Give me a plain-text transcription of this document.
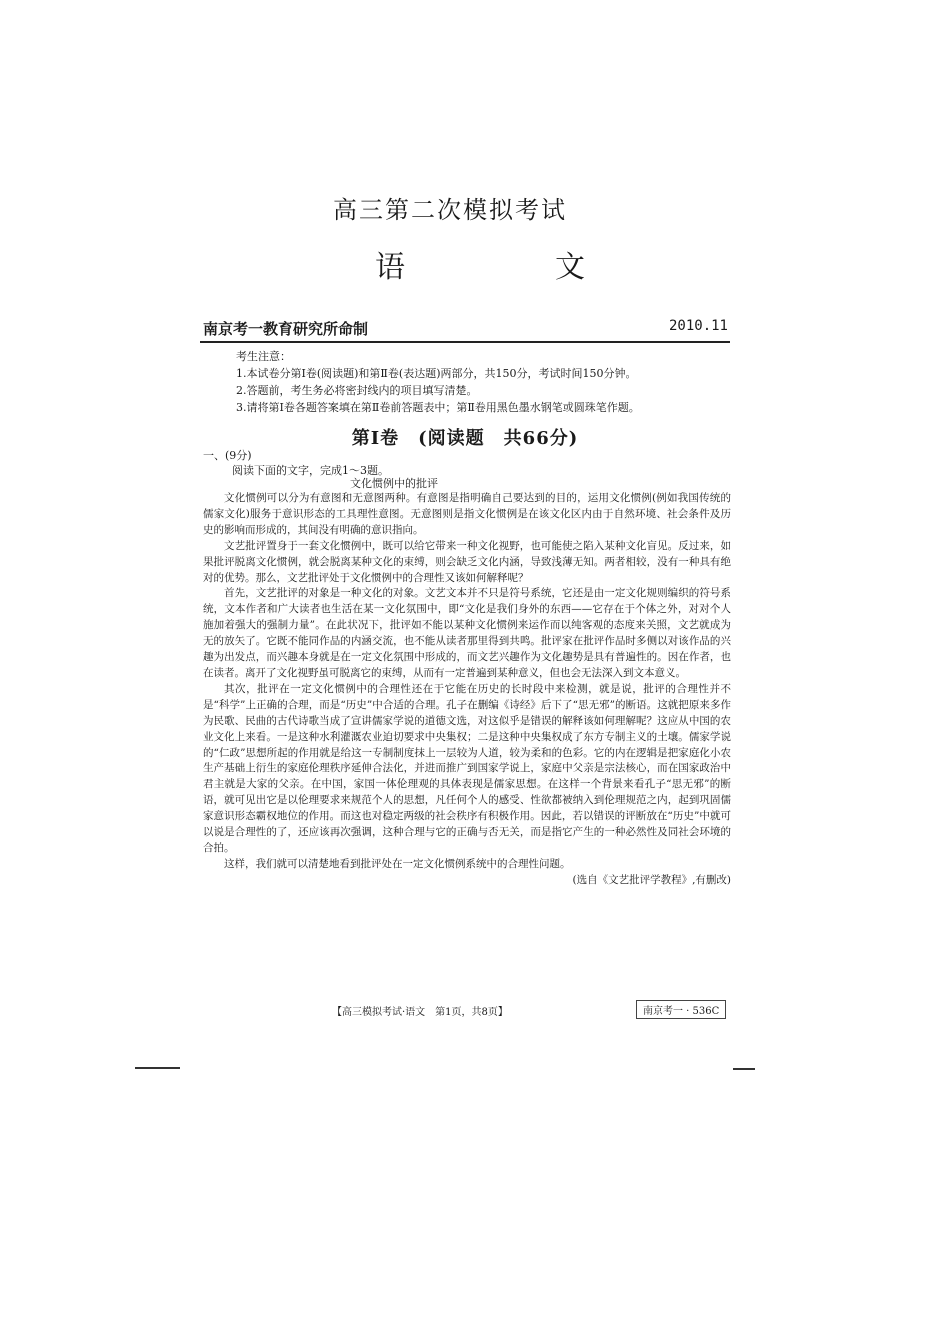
高三第二次模拟考试
语　文
南京考一教育研究所命制	2010.11
考生注意：
1.本试卷分第Ⅰ卷(阅读题)和第Ⅱ卷(表达题)两部分，共150分，考试时间150分钟。
2.答题前，考生务必将密封线内的项目填写清楚。
3.请将第Ⅰ卷各题答案填在第Ⅱ卷前答题表中；第Ⅱ卷用黑色墨水钢笔或圆珠笔作题。
第Ⅰ卷　(阅读题　共66分)
一、(9分)
阅读下面的文字，完成1～3题。
文化惯例中的批评

文化惯例可以分为有意图和无意图两种。有意图是指明确自己要达到的目的，运用文化惯例(例如我国传统的儒家文化)服务于意识形态的工具理性意图。无意图则是指文化惯例是在该文化区内由于自然环境、社会条件及历史的影响而形成的，其间没有明确的意识指向。

文艺批评置身于一套文化惯例中，既可以给它带来一种文化视野，也可能使之陷入某种文化盲见。反过来，如果批评脱离文化惯例，就会脱离某种文化的束缚，则会缺乏文化内涵，导致浅薄无知。两者相较，没有一种具有绝对的优势。那么，文艺批评处于文化惯例中的合理性又该如何解释呢？

首先，文艺批评的对象是一种文化的对象。文艺文本并不只是符号系统，它还是由一定文化规则编织的符号系统，文本作者和广大读者也生活在某一文化氛围中，即“文化是我们身外的东西——它存在于个体之外，对对个人施加着强大的强制力量”。在此状况下，批评如不能以某种文化惯例来运作而以纯客观的态度来关照，文艺就成为无的放矢了。它既不能同作品的内涵交流，也不能从读者那里得到共鸣。批评家在批评作品时多侧以对该作品的兴趣为出发点，而兴趣本身就是在一定文化氛围中形成的，而文艺兴趣作为文化趣势是具有普遍性的。因在作者，也在读者。离开了文化视野虽可脱离它的束缚，从而有一定普遍到某种意义，但也会无法深入到文本意义。

其次，批评在一定文化惯例中的合理性还在于它能在历史的长时段中来检测，就是说，批评的合理性并不是“科学”上正确的合理，而是“历史”中合适的合理。孔子在删编《诗经》后下了“思无邪”的断语。这就把原来多作为民歌、民曲的古代诗歌当成了宣讲儒家学说的道德文选，对这似乎是错误的解释该如何理解呢？这应从中国的农业文化上来看。一是这种水利灌溉农业迫切要求中央集权；二是这种中央集权成了东方专制主义的土壤。儒家学说的“仁政”思想所起的作用就是给这一专制制度抹上一层较为人道，较为柔和的色彩。它的内在逻辑是把家庭化小农生产基础上衍生的家庭伦理秩序延伸合法化，并进而推广到国家学说上，家庭中父亲是宗法核心，而在国家政治中君主就是大家的父亲。在中国，家国一体伦理观的具体表现是儒家思想。在这样一个背景来看孔子“思无邪”的断语，就可见出它是以伦理要求来规范个人的思想，凡任何个人的感受、性欲都被纳入到伦理规范之内，起到巩固儒家意识形态霸权地位的作用。而这也对稳定两级的社会秩序有积极作用。因此，若以错误的评断放在“历史”中就可以说是合理性的了，还应该再次强调，这种合理与它的正确与否无关，而是指它产生的一种必然性及同社会环境的合拍。

这样，我们就可以清楚地看到批评处在一定文化惯例系统中的合理性问题。

(选自《文艺批评学教程》,有删改)

【高三模拟考试·语文　第1页，共8页】	南京考一 · 536C
